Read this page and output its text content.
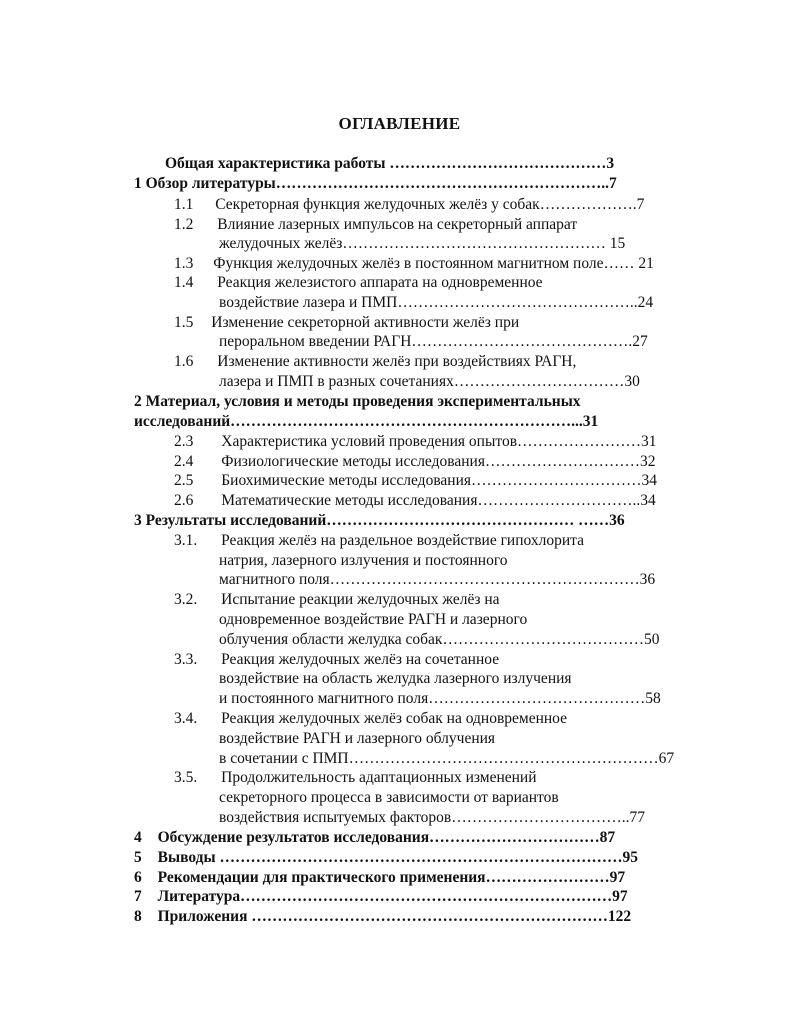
ОГЛАВЛЕНИЕ
Общая характеристика работы ……………………………………3
1 Обзор литературы………………………………………………………..7
1.1 Секреторная функция желудочных желёз у собак……………….7
1.2 Влияние лазерных импульсов на секреторный аппарат
желудочных желёз…………………………………………… 15
1.3 Функция желудочных желёз в постоянном магнитном поле…… 21
1.4 Реакция железистого аппарата на одновременное
воздействие лазера и ПМП………………………………………..24
1.5 Изменение секреторной активности желёз при
пероральном введении РАГН…………………………………….27
1.6 Изменение активности желёз при воздействиях РАГН,
лазера и ПМП в разных сочетаниях……………………………30
2 Материал, условия и методы проведения экспериментальных
исследований…………………………………………………………...31
2.3 Характеристика условий проведения опытов……………………31
2.4 Физиологические методы исследования…………………………32
2.5 Биохимические методы исследования……………………………34
2.6 Математические методы исследования…………………………..34
3 Результаты исследований………………………………………… ……36
3.1. Реакция желёз на раздельное воздействие гипохлорита
натрия, лазерного излучения и постоянного
магнитного поля……………………………………………………36
3.2. Испытание реакции желудочных желёз на
одновременное воздействие РАГН и лазерного
облучения области желудка собак…………………………………50
3.3. Реакция желудочных желёз на сочетанное
воздействие на область желудка лазерного излучения
и постоянного магнитного поля……………………………………58
3.4. Реакция желудочных желёз собак на одновременное
воздействие РАГН и лазерного облучения
в сочетании с ПМП……………………………………………………67
3.5. Продолжительность адаптационных изменений
секреторного процесса в зависимости от вариантов
воздействия испытуемых факторов……………………………..77
4 Обсуждение результатов исследования……………………………87
5 Выводы ……………………………………………………………………95
6 Рекомендации для практического применения……………………97
7 Литература………………………………………………………………97
8 Приложения ……………………………………………………………122
